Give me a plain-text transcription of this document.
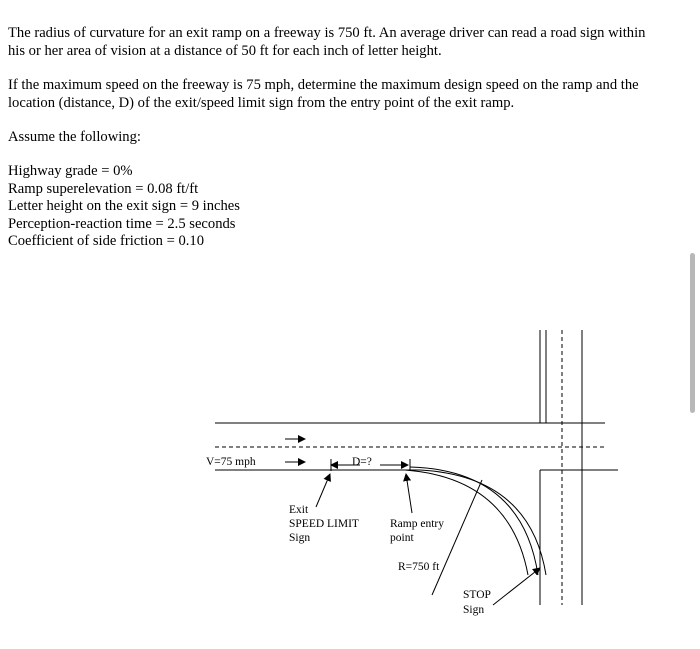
The radius of curvature for an exit ramp on a freeway is 750 ft. An average driver can read a road sign within his or her area of vision at a distance of 50 ft for each inch of letter height.
If the maximum speed on the freeway is 75 mph, determine the maximum design speed on the ramp and the location (distance, D) of the exit/speed limit sign from the entry point of the exit ramp.
Assume the following:
Highway grade = 0%
Ramp superelevation = 0.08 ft/ft
Letter height on the exit sign = 9 inches
Perception-reaction time = 2.5 seconds
Coefficient of side friction = 0.10
V=75 mph	D=?
Exit
SPEED LIMIT
Sign
Ramp entry
point
R=750 ft
STOP
Sign
